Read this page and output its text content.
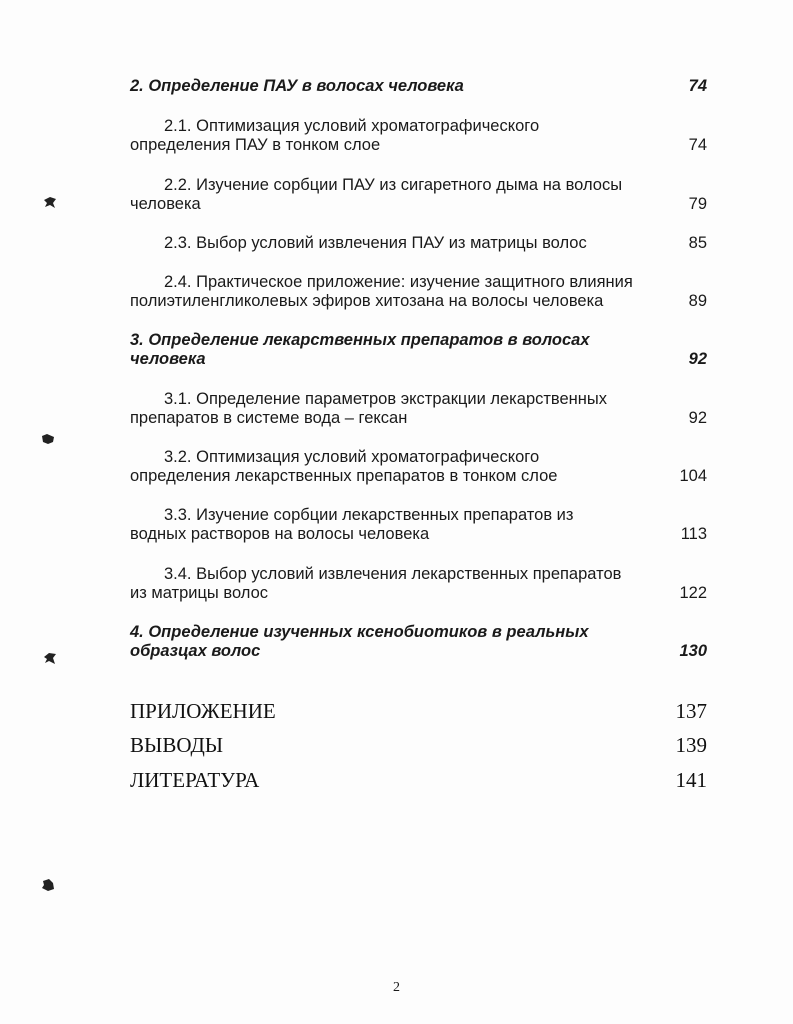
2. Определение ПАУ в волосах человека	74
2.1. Оптимизация условий хроматографического
определения ПАУ в тонком слое	74
2.2. Изучение сорбции ПАУ из сигаретного дыма на волосы
человека	79
2.3. Выбор условий извлечения ПАУ из матрицы волос	85
2.4. Практическое приложение: изучение защитного влияния
полиэтиленгликолевых эфиров хитозана на волосы человека	89
3. Определение лекарственных препаратов в волосах
человека	92
3.1. Определение параметров экстракции лекарственных
препаратов в системе вода – гексан	92
3.2. Оптимизация условий хроматографического
определения лекарственных препаратов в тонком слое	104
3.3. Изучение сорбции лекарственных препаратов из
водных растворов на волосы человека	113
3.4. Выбор условий извлечения лекарственных препаратов
из матрицы волос	122
4. Определение изученных ксенобиотиков в реальных
образцах волос	130
ПРИЛОЖЕНИЕ	137
ВЫВОДЫ	139
ЛИТЕРАТУРА	141
2
